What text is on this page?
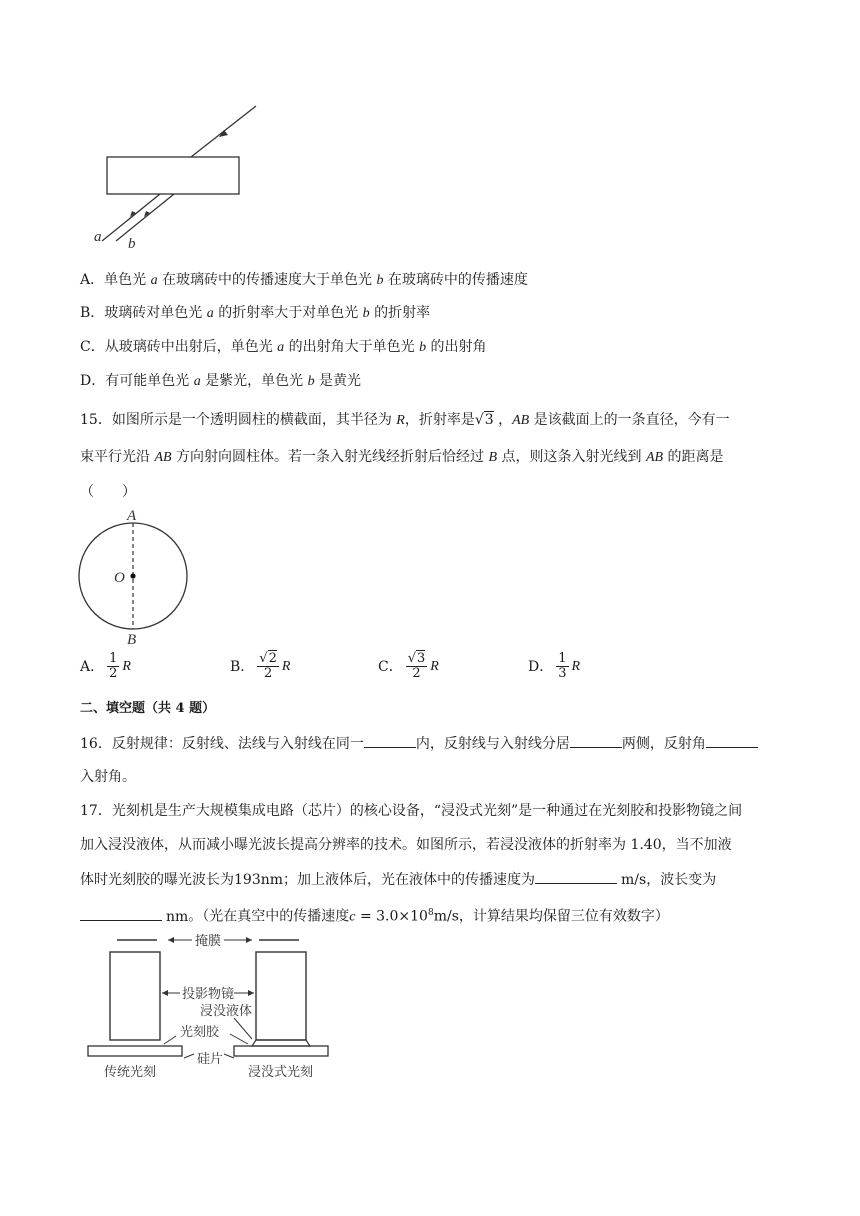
a b
A．单色光 a 在玻璃砖中的传播速度大于单色光 b 在玻璃砖中的传播速度
B．玻璃砖对单色光 a 的折射率大于对单色光 b 的折射率
C．从玻璃砖中出射后，单色光 a 的出射角大于单色光 b 的出射角
D．有可能单色光 a 是紫光，单色光 b 是黄光
15．如图所示是一个透明圆柱的横截面，其半径为 R，折射率是√3 ，AB 是该截面上的一条直径，今有一
束平行光沿 AB 方向射向圆柱体。若一条入射光线经折射后恰经过 B 点，则这条入射光线到 AB 的距离是
（　　）
A
O
B
A． $\frac{1}{2}$ R	B． $\frac{√2}{2}$ R	C． $\frac{√3}{2}$ R	D． $\frac{1}{3}$ R
二、填空题（共 4 题）
16．反射规律：反射线、法线与入射线在同一	内，反射线与入射线分居	两侧，反射角
入射角。
17．光刻机是生产大规模集成电路（芯片）的核心设备，“浸没式光刻”是一种通过在光刻胶和投影物镜之间
加入浸没液体，从而减小曝光波长提高分辨率的技术。如图所示，若浸没液体的折射率为 1.40，当不加液
体时光刻胶的曝光波长为193nm；加上液体后，光在液体中的传播速度为	m/s，波长变为
nm。（光在真空中的传播速度$c = 3.0\times 10^8m/s$，计算结果均保留三位有效数字）
掩膜
投影物镜
浸没液体
光刻胶
硅片
传统光刻	浸没式光刻
